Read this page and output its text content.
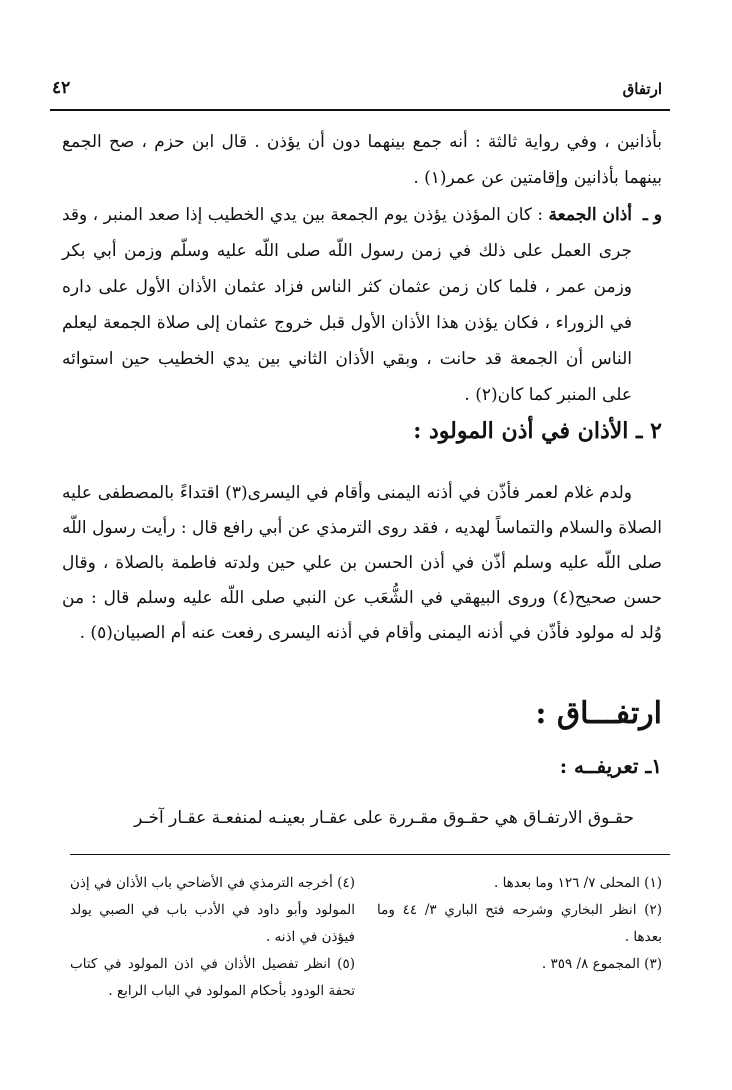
ارتفاق
٤٢
بأذانين ، وفي رواية ثالثة : أنه جمع بينهما دون أن يؤذن . قال ابن حزم ، صح الجمع بينهما بأذانين وإقامتين عن عمر(١) .
و ـ
أذان الجمعة : كان المؤذن يؤذن يوم الجمعة بين يدي الخطيب إذا صعد المنبر ، وقد جرى العمل على ذلك في زمن رسول اللّه صلى اللّه عليه وسلّم وزمن أبي بكر وزمن عمر ، فلما كان زمن عثمان كثر الناس فزاد عثمان الأذان الأول على داره في الزوراء ، فكان يؤذن هذا الأذان الأول قبل خروج عثمان إلى صلاة الجمعة ليعلم الناس أن الجمعة قد حانت ، وبقي الأذان الثاني بين يدي الخطيب حين استوائه على المنبر كما كان(٢) .
٢ ـ الأذان في أذن المولود :
ولدم غلام لعمر فأذّن في أذنه اليمنى وأقام في اليسرى(٣) اقتداءً بالمصطفى عليه الصلاة والسلام والتماساً لهديه ، فقد روى الترمذي عن أبي رافع قال : رأيت رسول اللّه صلى اللّه عليه وسلم أذّن في أذن الحسن بن علي حين ولدته فاطمة بالصلاة ، وقال حسن صحيح(٤) وروى البيهقي في الشُّعَب عن النبي صلى اللّه عليه وسلم قال : من وُلد له مولود فأذّن في أذنه اليمنى وأقام في أذنه اليسرى رفعت عنه أم الصبيان(٥) .
ارتفـــاق :
١ـ تعريفــه :
حقـوق الارتفـاق هي حقـوق مقـررة على عقـار بعينـه لمنفعـة عقـار آخـر

(١) المحلى ٧/ ١٢٦ وما بعدها .

(٢) انظر البخاري وشرحه فتح الباري ٣/ ٤٤ وما بعدها .

(٣) المجموع ٨/ ٣٥٩ .

(٤) أخرجه الترمذي في الأضاحي باب الأذان في إذن المولود وأبو داود في الأدب باب في الصبي يولد فيؤذن في اذنه .

(٥) انظر تفصيل الأذان في اذن المولود في كتاب تحفة الودود بأحكام المولود في الباب الرابع .
